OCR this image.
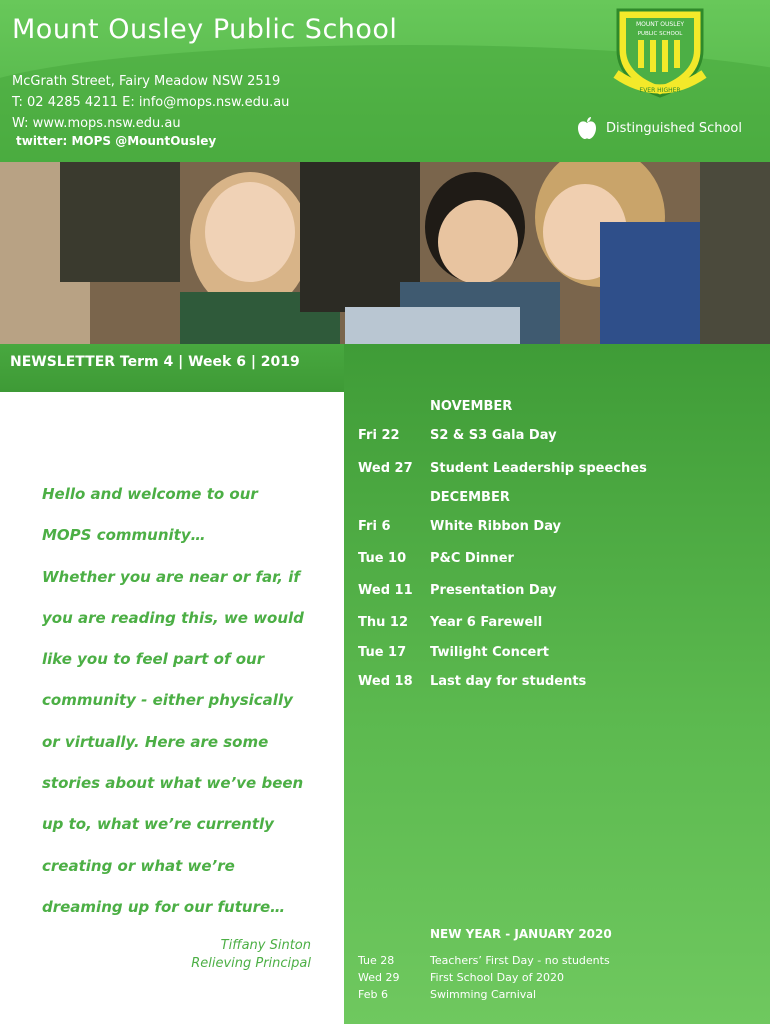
Mount Ousley Public School
McGrath Street, Fairy Meadow NSW 2519
T: 02 4285 4211 E: info@mops.nsw.edu.au
W: www.mops.nsw.edu.au
twitter: MOPS @MountOusley
MOUNT OUSLEY
PUBLIC SCHOOL
EVER HIGHER
Distinguished School
NEWSLETTER Term 4 | Week 6 | 2019
Hello and welcome to our
MOPS community…
Whether you are near or far, if
you are reading this, we would
like you to feel part of our
community - either physically
or virtually. Here are some
stories about what we’ve been
up to, what we’re currently
creating or what we’re
dreaming up for our future…
Tiffany Sinton
Relieving Principal
NOVEMBER
Fri 22 S2 & S3 Gala Day
Wed 27 Student Leadership speeches
DECEMBER
Fri 6	White Ribbon Day
Tue 10 P&C Dinner
Wed 11 Presentation Day
Thu 12 Year 6 Farewell
Tue 17 Twilight Concert
Wed 18 Last day for students
NEW YEAR - JANUARY 2020
Tue 28	Teachers’ First Day - no students
Wed 29	First School Day of 2020
Feb 6	Swimming Carnival
